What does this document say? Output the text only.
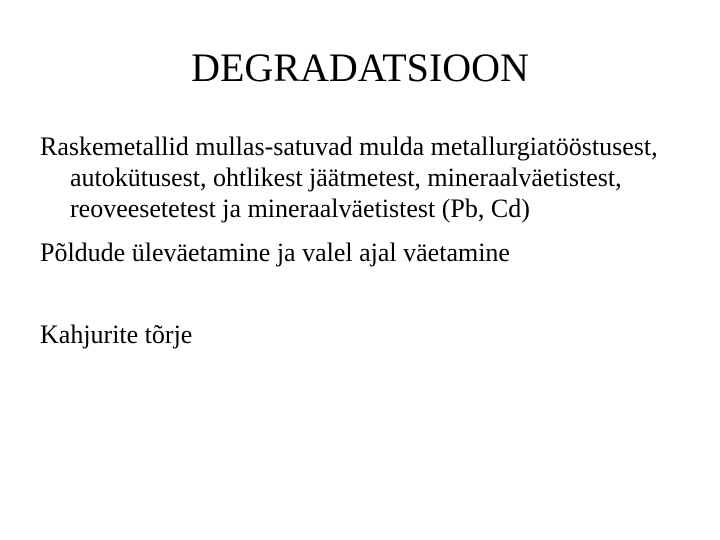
DEGRADATSIOON
Raskemetallid mullas-satuvad mulda metallurgiatööstusest, autokütusest, ohtlikest jäätmetest, mineraalväetistest, reoveesetetest ja mineraalväetistest (Pb, Cd)
Põldude üleväetamine ja valel ajal väetamine
Kahjurite tõrje
